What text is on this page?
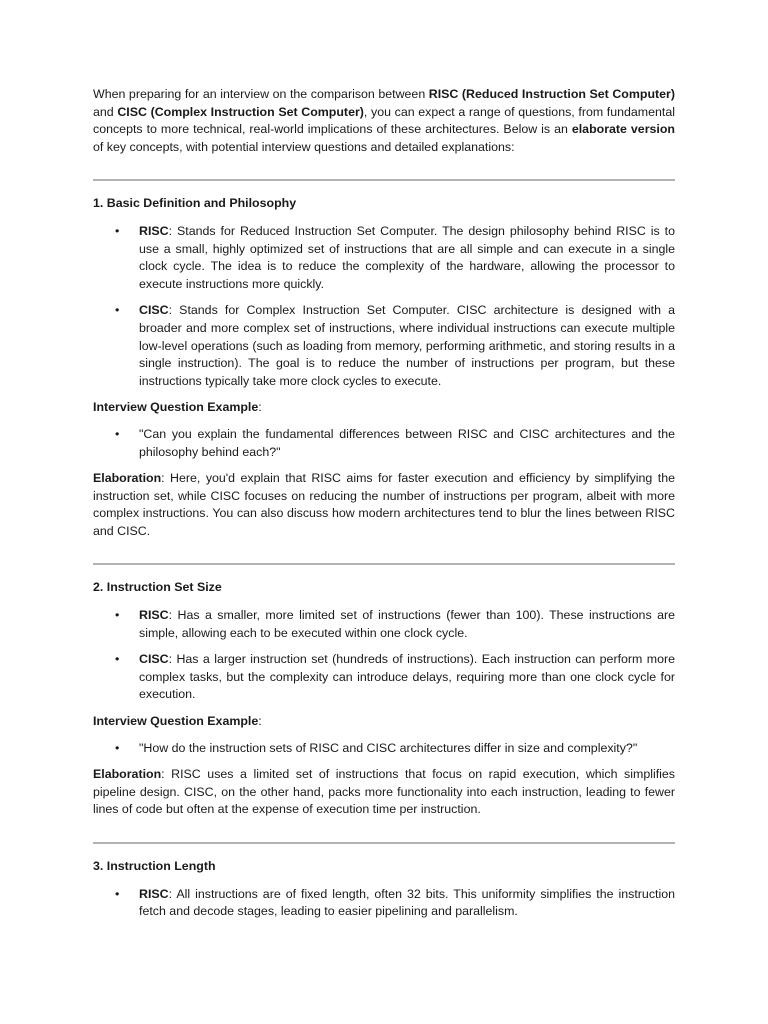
When preparing for an interview on the comparison between RISC (Reduced Instruction Set Computer) and CISC (Complex Instruction Set Computer), you can expect a range of questions, from fundamental concepts to more technical, real-world implications of these architectures. Below is an elaborate version of key concepts, with potential interview questions and detailed explanations:

1. Basic Definition and Philosophy

• RISC: Stands for Reduced Instruction Set Computer. The design philosophy behind RISC is to use a small, highly optimized set of instructions that are all simple and can execute in a single clock cycle. The idea is to reduce the complexity of the hardware, allowing the processor to execute instructions more quickly.
• CISC: Stands for Complex Instruction Set Computer. CISC architecture is designed with a broader and more complex set of instructions, where individual instructions can execute multiple low-level operations (such as loading from memory, performing arithmetic, and storing results in a single instruction). The goal is to reduce the number of instructions per program, but these instructions typically take more clock cycles to execute.

Interview Question Example:

• "Can you explain the fundamental differences between RISC and CISC architectures and the philosophy behind each?"

Elaboration: Here, you'd explain that RISC aims for faster execution and efficiency by simplifying the instruction set, while CISC focuses on reducing the number of instructions per program, albeit with more complex instructions. You can also discuss how modern architectures tend to blur the lines between RISC and CISC.

2. Instruction Set Size

• RISC: Has a smaller, more limited set of instructions (fewer than 100). These instructions are simple, allowing each to be executed within one clock cycle.
• CISC: Has a larger instruction set (hundreds of instructions). Each instruction can perform more complex tasks, but the complexity can introduce delays, requiring more than one clock cycle for execution.

Interview Question Example:

• "How do the instruction sets of RISC and CISC architectures differ in size and complexity?"

Elaboration: RISC uses a limited set of instructions that focus on rapid execution, which simplifies pipeline design. CISC, on the other hand, packs more functionality into each instruction, leading to fewer lines of code but often at the expense of execution time per instruction.

3. Instruction Length

• RISC: All instructions are of fixed length, often 32 bits. This uniformity simplifies the instruction fetch and decode stages, leading to easier pipelining and parallelism.
